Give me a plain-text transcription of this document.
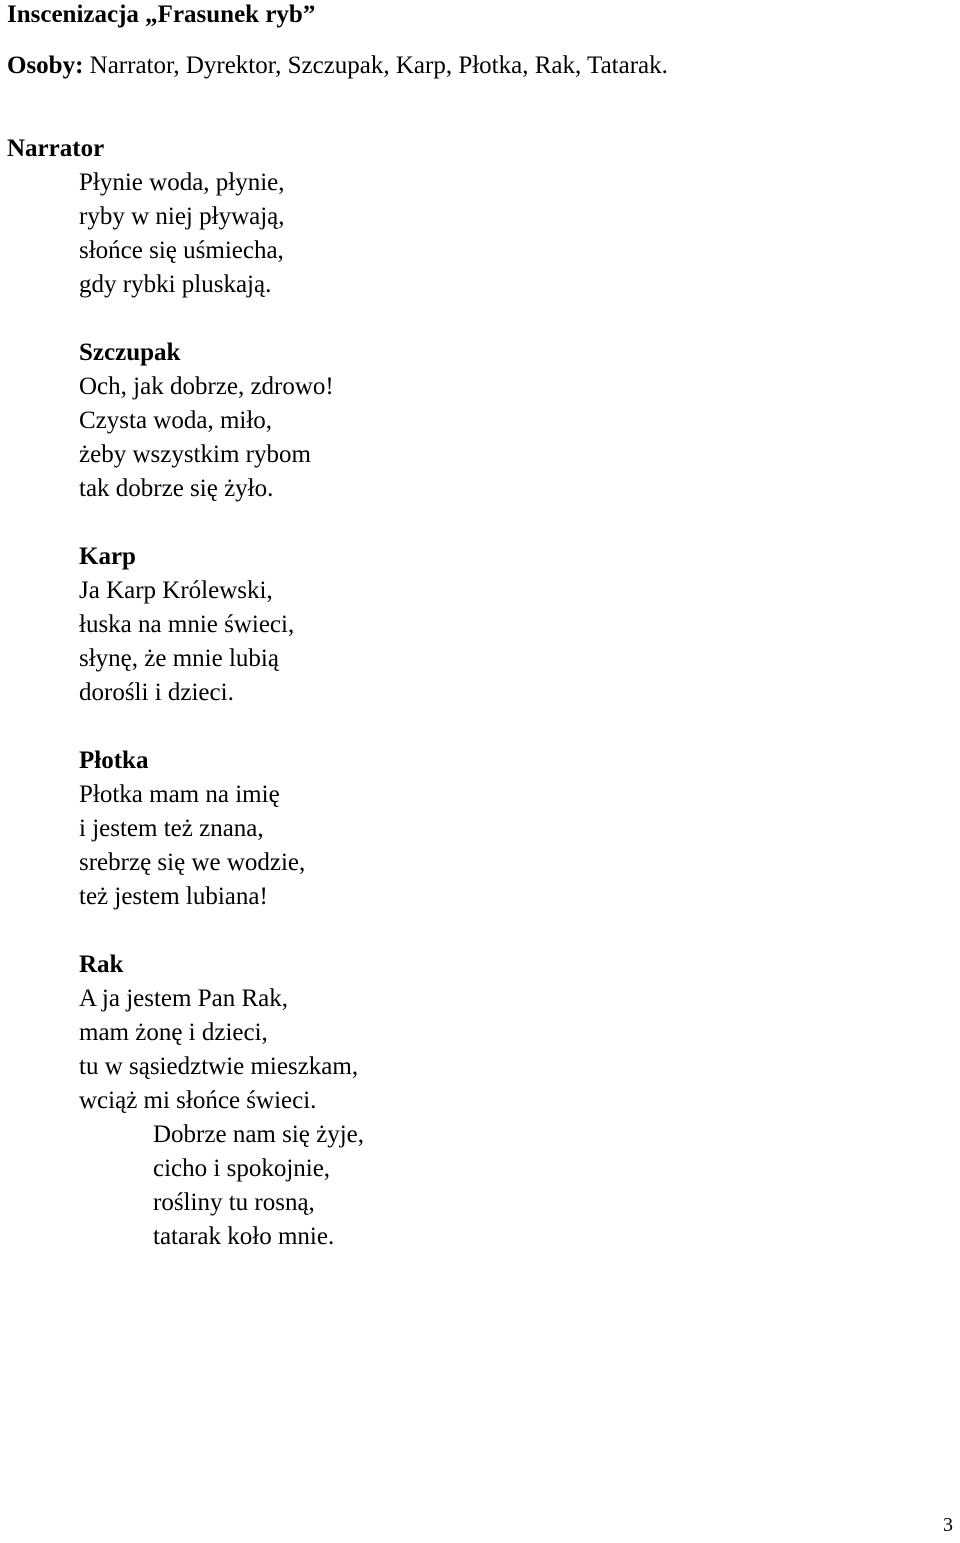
Inscenizacja „Frasunek ryb”
Osoby: Narrator, Dyrektor, Szczupak, Karp, Płotka, Rak, Tatarak.
Narrator
Płynie woda, płynie,
ryby w niej pływają,
słońce się uśmiecha,
gdy rybki pluskają.
Szczupak
Och, jak dobrze, zdrowo!
Czysta woda, miło,
żeby wszystkim rybom
tak dobrze się żyło.
Karp
Ja Karp Królewski,
łuska na mnie świeci,
słynę, że mnie lubią
dorośli i dzieci.
Płotka
Płotka mam na imię
i jestem też znana,
srebrzę się we wodzie,
też jestem lubiana!
Rak
A ja jestem Pan Rak,
mam żonę i dzieci,
tu w sąsiedztwie mieszkam,
wciąż mi słońce świeci.
Dobrze nam się żyje,
cicho i spokojnie,
rośliny tu rosną,
tatarak koło mnie.
3
